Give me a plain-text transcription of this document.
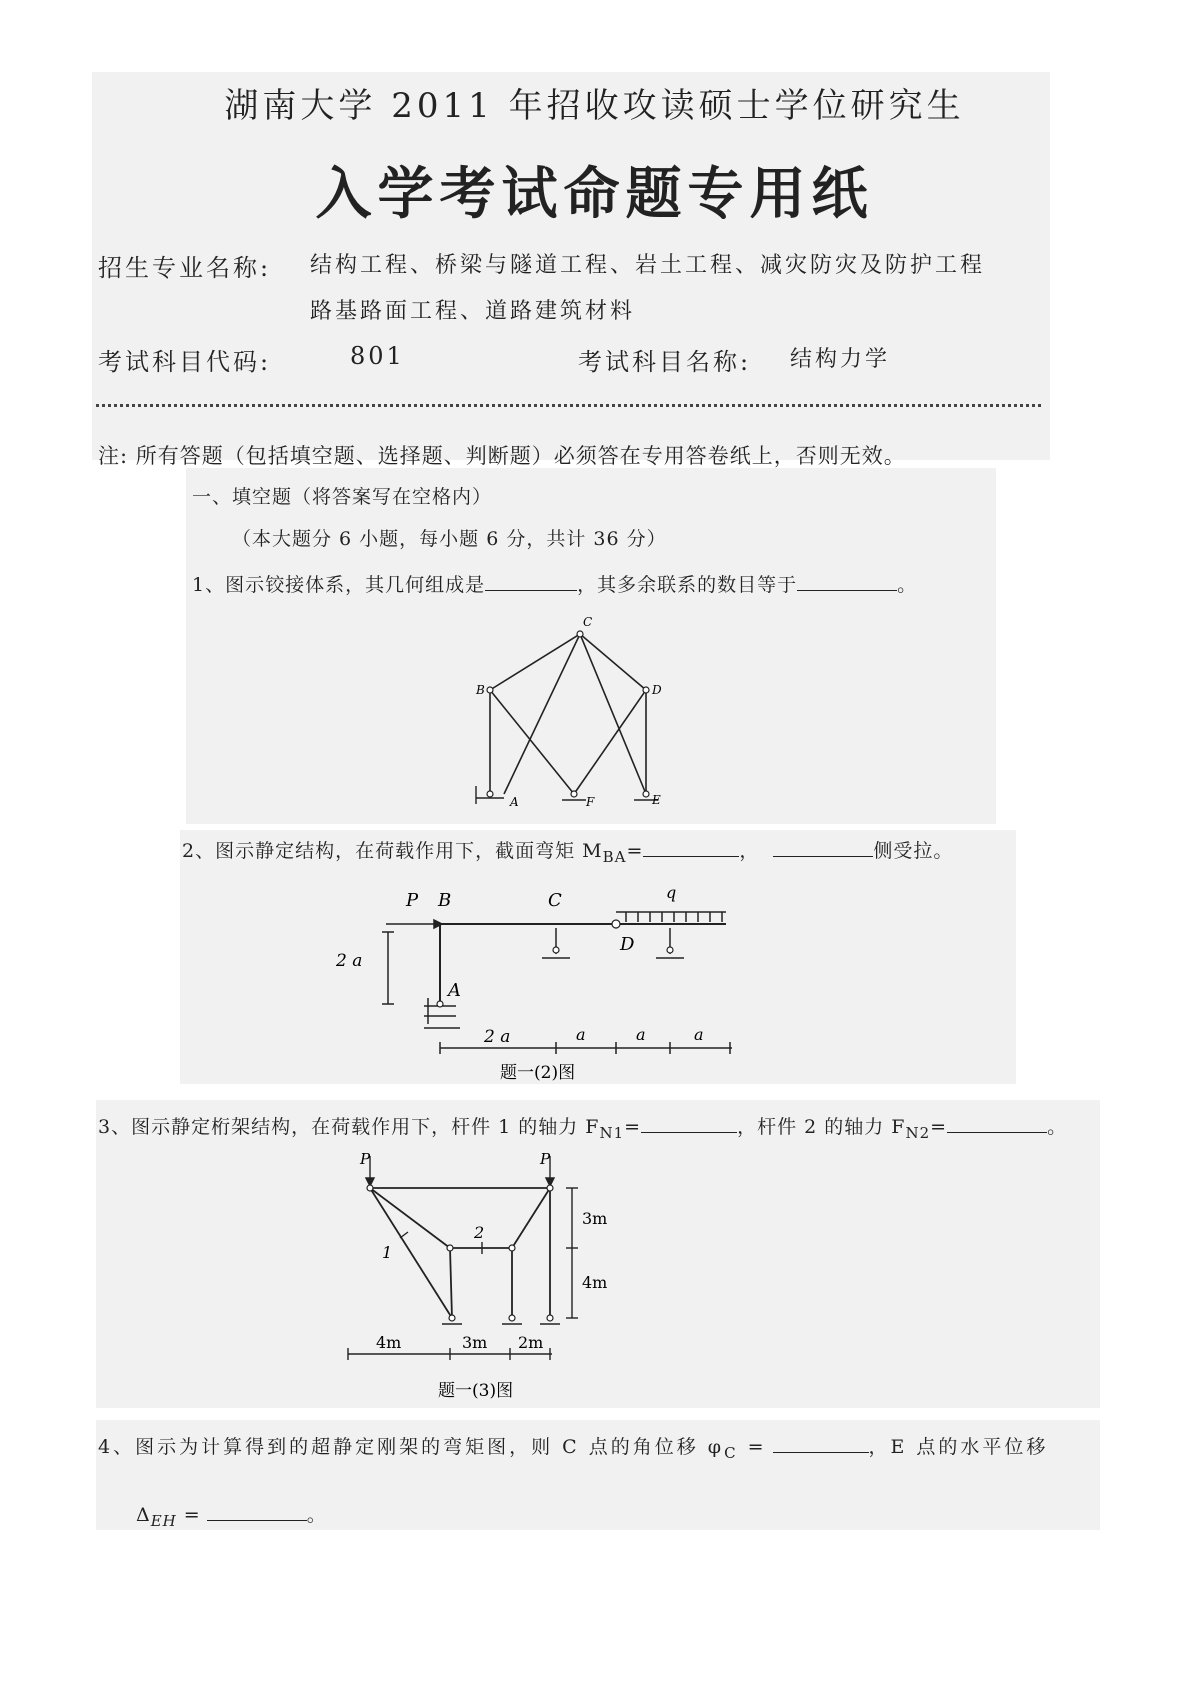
湖南大学 2011 年招收攻读硕士学位研究生
入学考试命题专用纸
招生专业名称: 结构工程、桥梁与隧道工程、岩土工程、减灾防灾及防护工程
路基路面工程、道路建筑材料
考试科目代码:	801	考试科目名称: 结构力学
注: 所有答题（包括填空题、选择题、判断题）必须答在专用答卷纸上，否则无效。
一、填空题（将答案写在空格内）
（本大题分 6 小题，每小题 6 分，共计 36 分）
1、图示铰接体系，其几何组成是	，其多余联系的数目等于	。
C
B	D
A	F	E
2、图示静定结构，在荷载作用下，截面弯矩 $M_{BA}=$	，	侧受拉。
P B	C	q
D
A
2 a
2 a	a	a	a
题一(2)图
3、图示静定桁架结构，在荷载作用下，杆件 1 的轴力 $F_{N1}=$	，杆件 2 的轴力 $F_{N2}=$	。
P	P
1
2
3m
4m
4m	3m 2m
题一(3)图
4、图示为计算得到的超静定刚架的弯矩图，则 C 点的角位移 $\varphi_C$ =	，E 点的水平位移
$\Delta_{EH}$ =	。
